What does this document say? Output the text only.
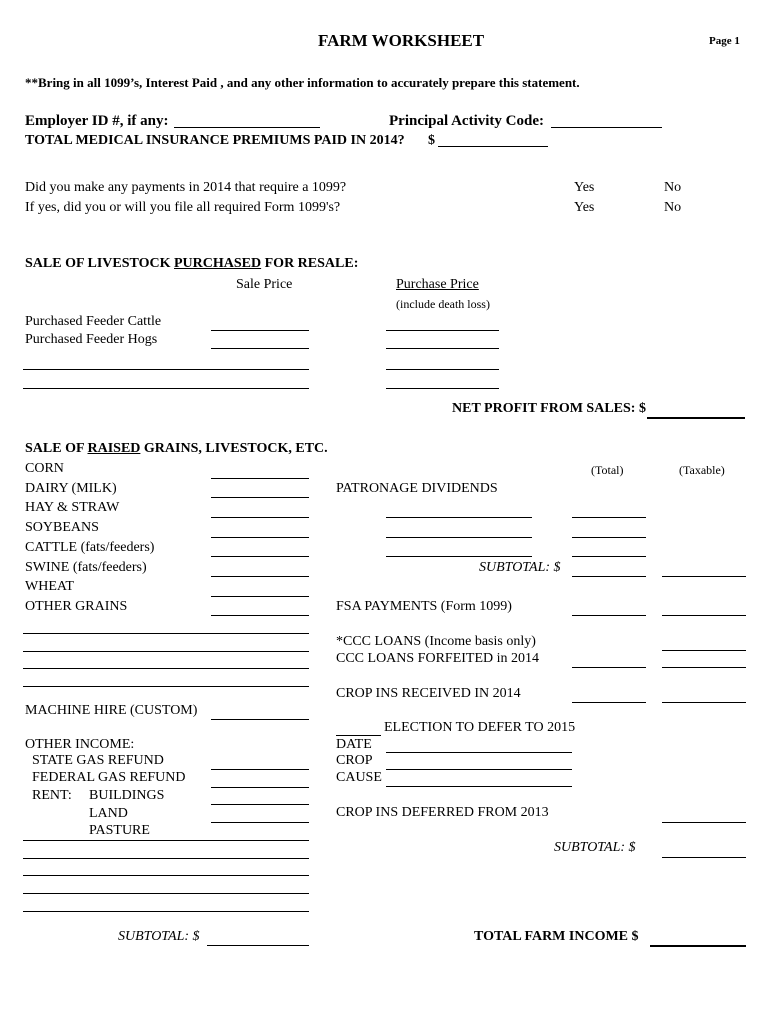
FARM WORKSHEET	Page 1
**Bring in all 1099’s, Interest Paid , and any other information to accurately prepare this statement.
Employer ID #, if any:	Principal Activity Code:
TOTAL MEDICAL INSURANCE PREMIUMS PAID IN 2014? $
Did you make any payments in 2014 that require a 1099?
If yes, did you or will you file all required Form 1099's?
Yes	No
Yes	No
SALE OF LIVESTOCK PURCHASED FOR RESALE:
Sale Price	Purchase Price
(include death loss)
Purchased Feeder Cattle
Purchased Feeder Hogs
NET PROFIT FROM SALES: $
SALE OF RAISED GRAINS, LIVESTOCK, ETC.
CORN
DAIRY (MILK)
HAY & STRAW
SOYBEANS
CATTLE (fats/feeders)
SWINE (fats/feeders)
WHEAT
OTHER GRAINS
MACHINE HIRE (CUSTOM)
OTHER INCOME:
STATE GAS REFUND
FEDERAL GAS REFUND
RENT: BUILDINGS
LAND
PASTURE
SUBTOTAL: $
(Total)	(Taxable)
PATRONAGE DIVIDENDS
SUBTOTAL: $
FSA PAYMENTS (Form 1099)
*CCC LOANS (Income basis only)
CCC LOANS FORFEITED in 2014
CROP INS RECEIVED IN 2014
ELECTION TO DEFER TO 2015
DATE
CROP
CAUSE
CROP INS DEFERRED FROM 2013
SUBTOTAL: $
TOTAL FARM INCOME $
